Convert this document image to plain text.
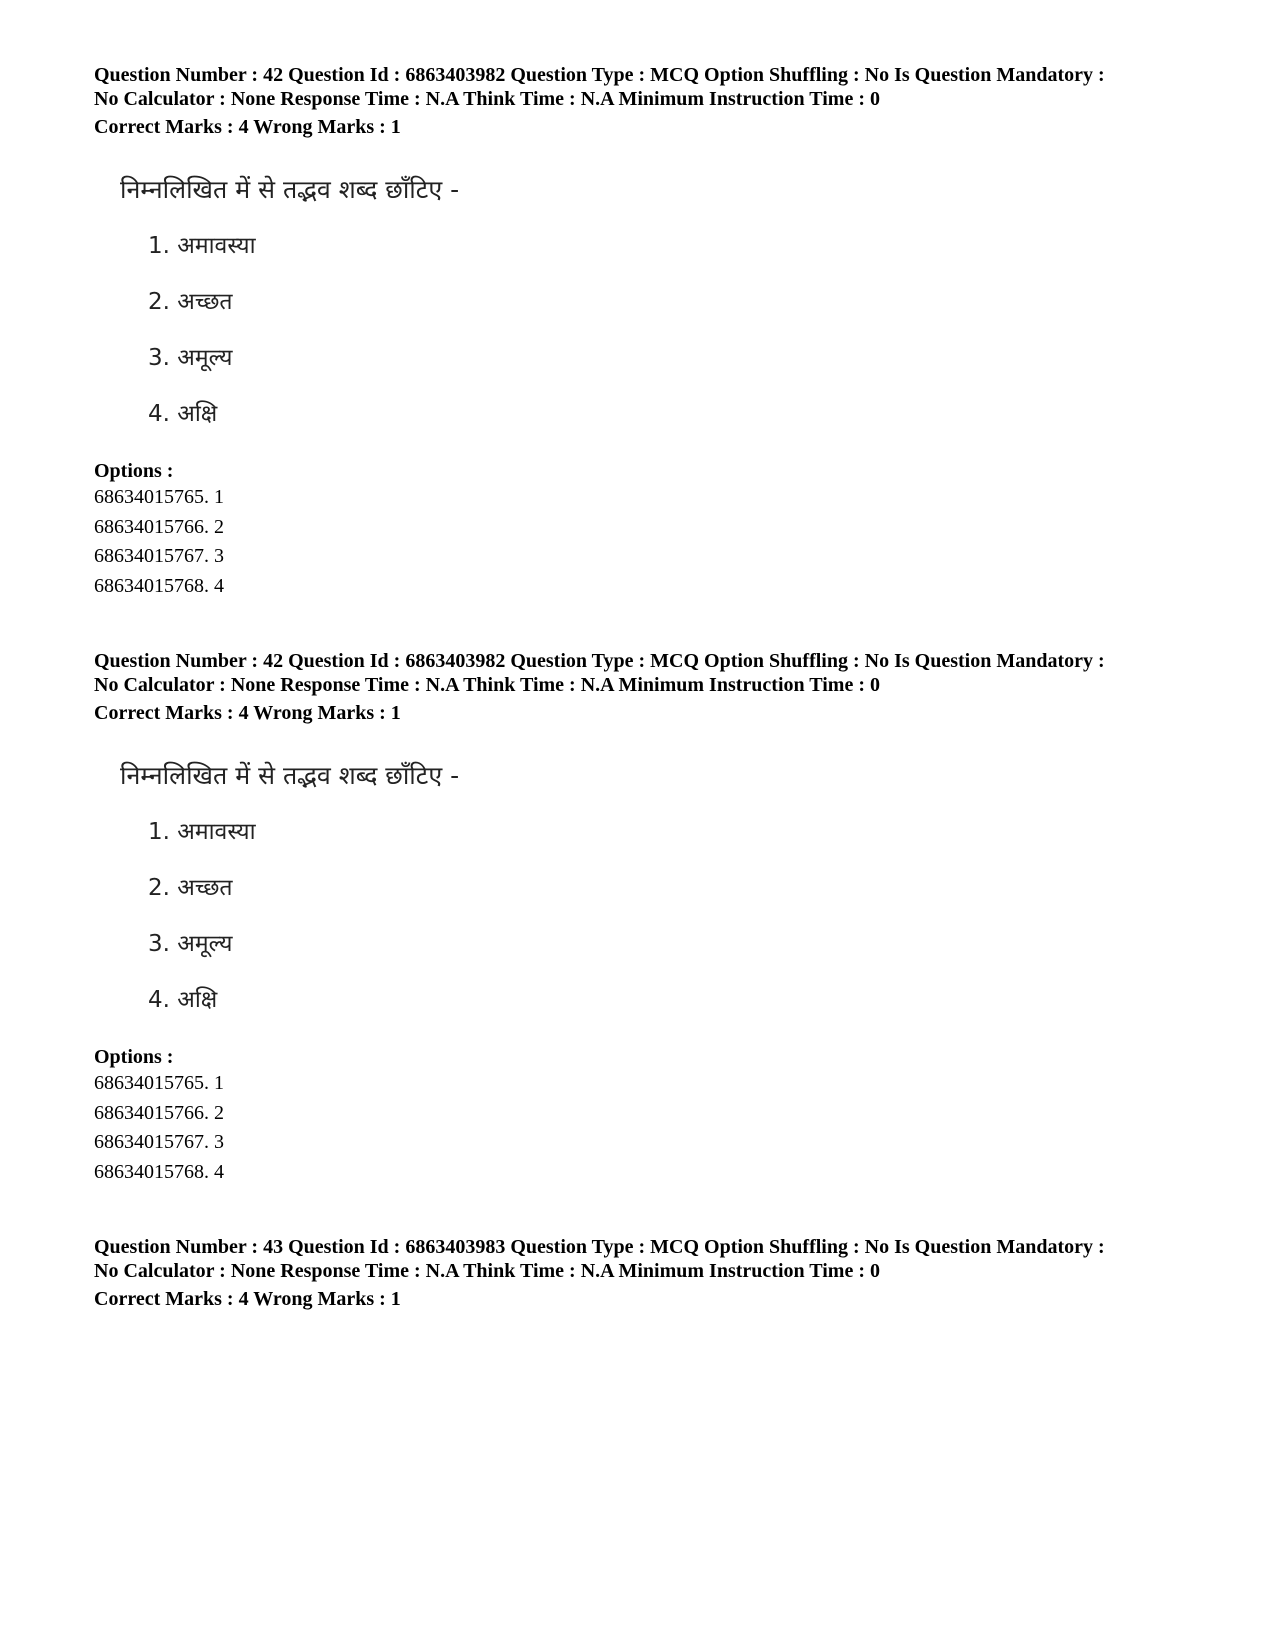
Question Number : 42 Question Id : 6863403982 Question Type : MCQ Option Shuffling : No Is Question Mandatory :

No Calculator : None Response Time : N.A Think Time : N.A Minimum Instruction Time : 0

Correct Marks : 4 Wrong Marks : 1

निम्नलिखित में से तद्भव शब्द छाँटिए -
1. अमावस्या
2. अच्छत
3. अमूल्य
4. अक्षि
Options :
68634015765. 1
68634015766. 2
68634015767. 3
68634015768. 4

Question Number : 42 Question Id : 6863403982 Question Type : MCQ Option Shuffling : No Is Question Mandatory :

No Calculator : None Response Time : N.A Think Time : N.A Minimum Instruction Time : 0

Correct Marks : 4 Wrong Marks : 1

निम्नलिखित में से तद्भव शब्द छाँटिए -
1. अमावस्या
2. अच्छत
3. अमूल्य
4. अक्षि
Options :
68634015765. 1
68634015766. 2
68634015767. 3
68634015768. 4

Question Number : 43 Question Id : 6863403983 Question Type : MCQ Option Shuffling : No Is Question Mandatory :

No Calculator : None Response Time : N.A Think Time : N.A Minimum Instruction Time : 0

Correct Marks : 4 Wrong Marks : 1
